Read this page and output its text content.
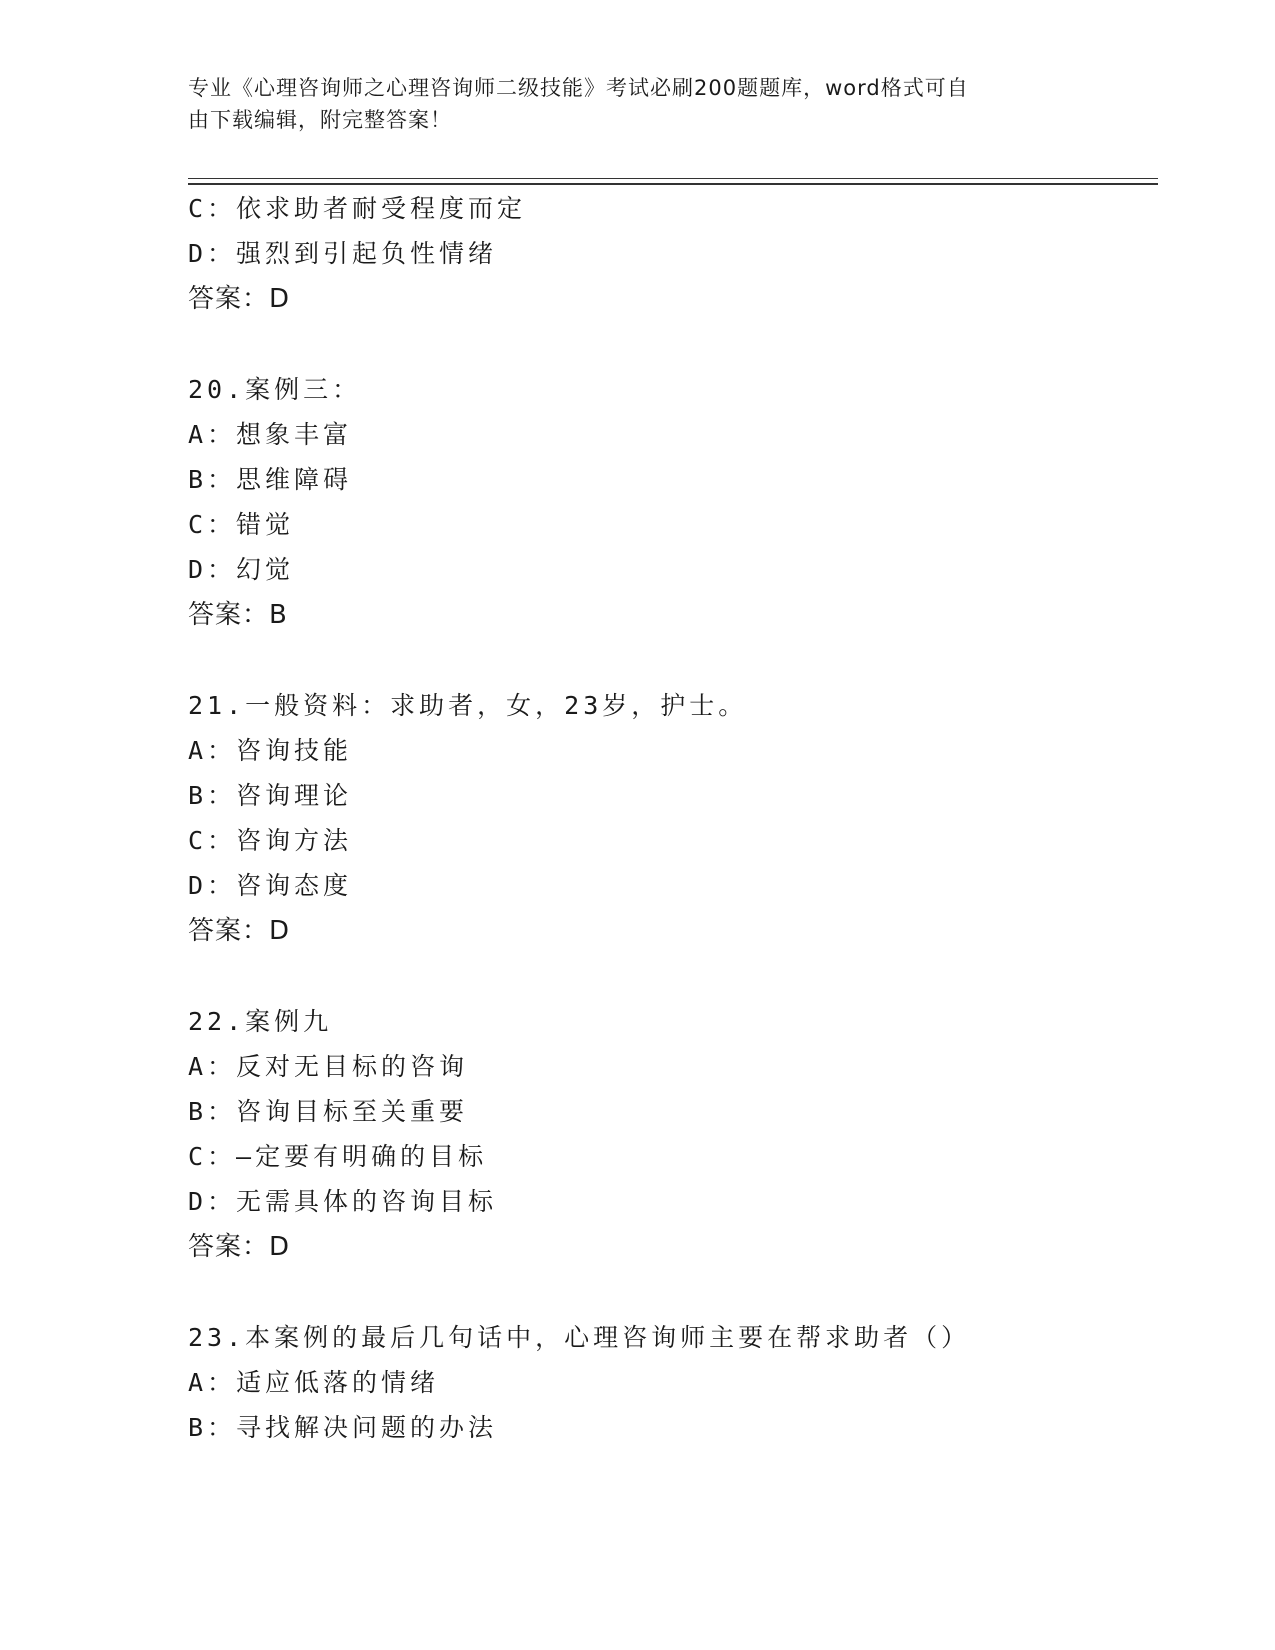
专业《心理咨询师之心理咨询师二级技能》考试必刷200题题库，word格式可自
由下载编辑，附完整答案！
C：依求助者耐受程度而定
D：强烈到引起负性情绪
答案：D
20.案例三：
A：想象丰富
B：思维障碍
C：错觉
D：幻觉
答案：B
21.一般资料：求助者，女，23岁，护士。
A：咨询技能
B：咨询理论
C：咨询方法
D：咨询态度
答案：D
22.案例九
A：反对无目标的咨询
B：咨询目标至关重要
C：—定要有明确的目标
D：无需具体的咨询目标
答案：D
23.本案例的最后几句话中，心理咨询师主要在帮求助者（）
A：适应低落的情绪
B：寻找解决问题的办法
